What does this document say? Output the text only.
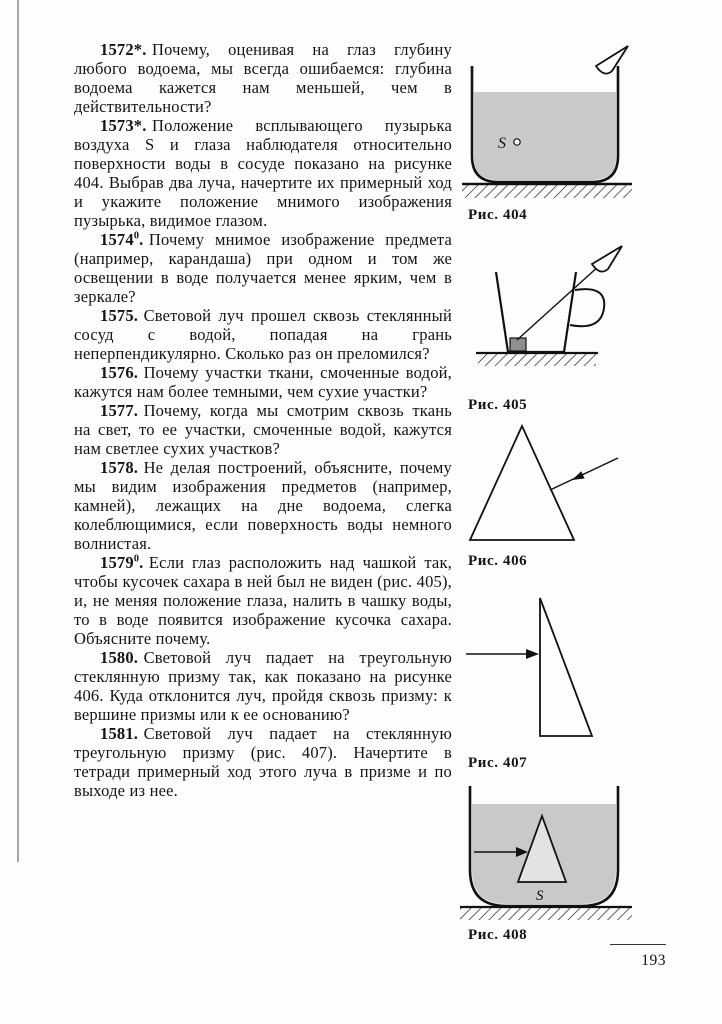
1572*. Почему, оценивая на глаз глубину любого водоема, мы всегда ошибаемся: глубина водоема кажется нам меньшей, чем в действительности?

1573*. Положение всплывающего пузырька воздуха S и глаза наблюдателя относительно поверхности воды в сосуде показано на рисунке 404. Выбрав два луча, начертите их примерный ход и укажите положение мнимого изображения пузырька, видимое глазом.

1574$^0$. Почему мнимое изображение предмета (например, карандаша) при одном и том же освещении в воде получается менее ярким, чем в зеркале?

1575. Световой луч прошел сквозь стеклянный сосуд с водой, попадая на грань неперпендикулярно. Сколько раз он преломился?

1576. Почему участки ткани, смоченные водой, кажутся нам более темными, чем сухие участки?

1577. Почему, когда мы смотрим сквозь ткань на свет, то ее участки, смоченные водой, кажутся нам светлее сухих участков?

1578. Не делая построений, объясните, почему мы видим изображения предметов (например, камней), лежащих на дне водоема, слегка колеблющимися, если поверхность воды немного волнистая.

1579$^0$. Если глаз расположить над чашкой так, чтобы кусочек сахара в ней был не виден (рис. 405), и, не меняя положение глаза, налить в чашку воды, то в воде появится изображение кусочка сахара. Объясните почему.

1580. Световой луч падает на треугольную стеклянную призму так, как показано на рисунке 406. Куда отклонится луч, пройдя сквозь призму: к вершине призмы или к ее основанию?

1581. Световой луч падает на стеклянную треугольную призму (рис. 407). Начертите в тетради примерный ход этого луча в призме и по выходе из нее.

S
Рис. 404
Рис. 405
Рис. 406
Рис. 407
S
Рис. 408
193
